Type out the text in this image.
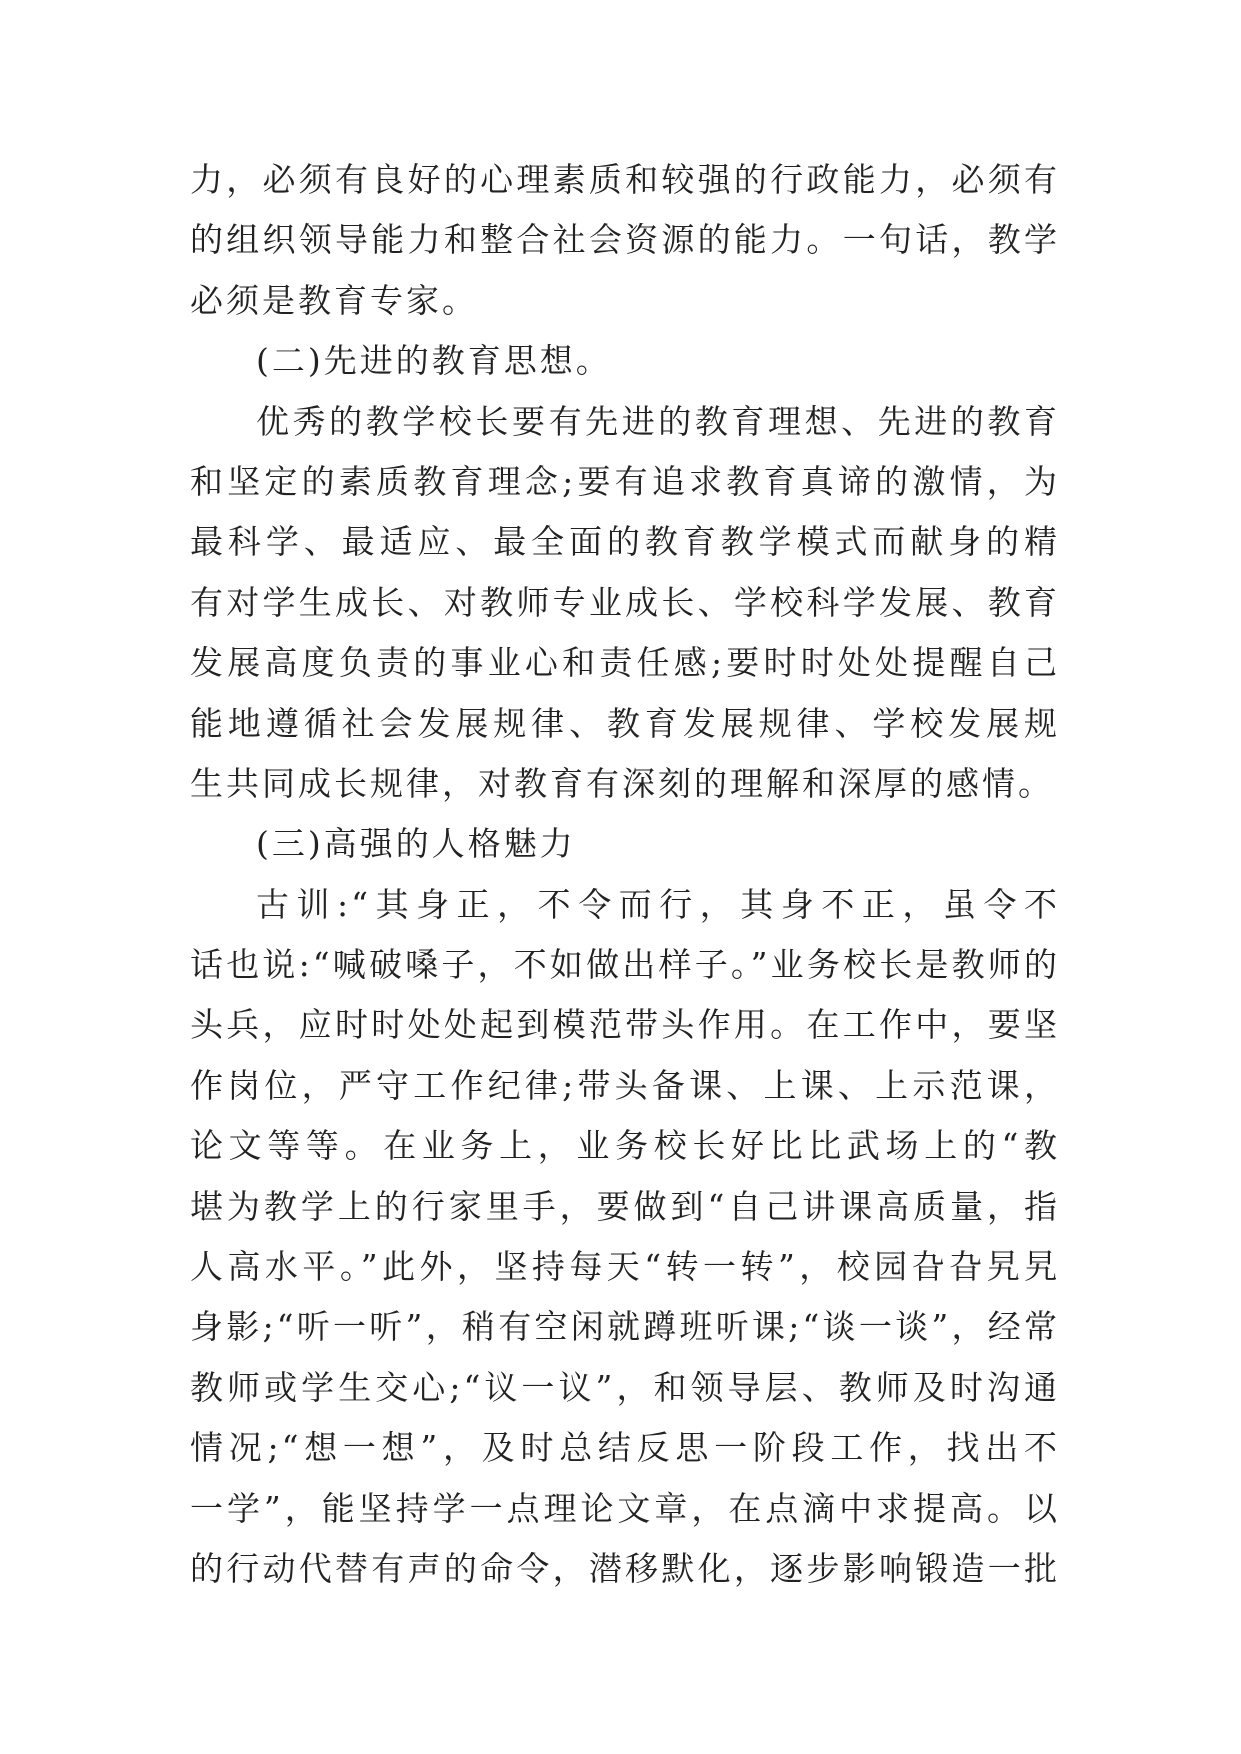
力，必须有良好的心理素质和较强的行政能力，必须有
的组织领导能力和整合社会资源的能力。一句话，教学
必须是教育专家。
(二)先进的教育思想。
优秀的教学校长要有先进的教育理想、先进的教育
和坚定的素质教育理念;要有追求教育真谛的激情，为
最科学、最适应、最全面的教育教学模式而献身的精
有对学生成长、对教师专业成长、学校科学发展、教育
发展高度负责的事业心和责任感;要时时处处提醒自己
能地遵循社会发展规律、教育发展规律、学校发展规
生共同成长规律，对教育有深刻的理解和深厚的感情。
(三)高强的人格魅力
古训:“其身正，不令而行，其身不正，虽令不
话也说:“喊破嗓子，不如做出样子。”业务校长是教师的
头兵，应时时处处起到模范带头作用。在工作中，要坚
作岗位，严守工作纪律;带头备课、上课、上示范课，
论文等等。在业务上，业务校长好比比武场上的“教
堪为教学上的行家里手，要做到“自己讲课高质量，指
人高水平。”此外，坚持每天“转一转”，校园旮旮旯旯
身影;“听一听”，稍有空闲就蹲班听课;“谈一谈”，经常
教师或学生交心;“议一议”，和领导层、教师及时沟通
情况;“想一想”，及时总结反思一阶段工作，找出不
一学”，能坚持学一点理论文章，在点滴中求提高。以
的行动代替有声的命令，潜移默化，逐步影响锻造一批
